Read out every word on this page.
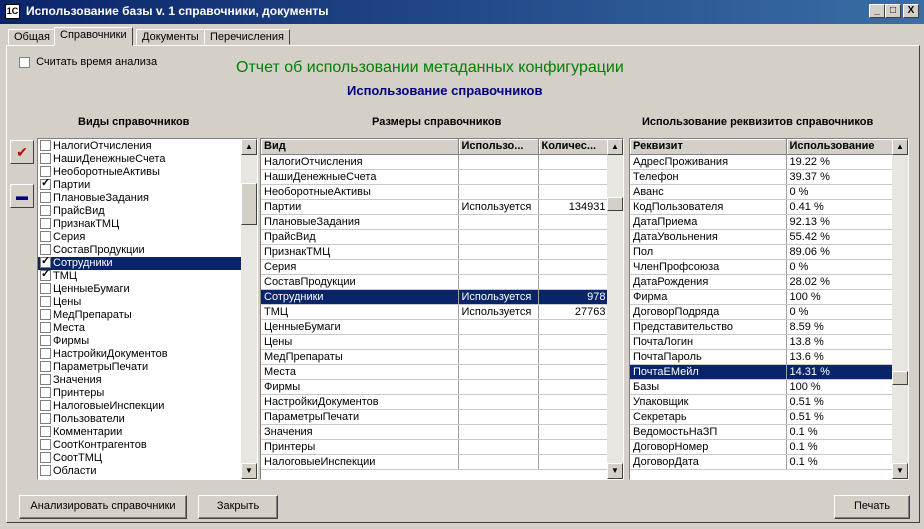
1C Использование базы v. 1 справочники, документы	_	□	X
Общая Справочники	Документы	Перечисления
Считать время анализа	Отчет об использовании метаданных конфигурации
Использование справочников
Виды справочников	Размеры справочников	Использование реквизитов справочников
✔
▬
НалогиОтчисления
НашиДенежныеСчета
НеоборотныеАктивы
✓Партии
ПлановыеЗадания
ПрайсВид
ПризнакТМЦ
Серия
СоставПродукции
✓Сотрудники
✓ТМЦ
ЦенныеБумаги
Цены
МедПрепараты
Места
Фирмы
НастройкиДокументов
ПараметрыПечати
Значения
Принтеры
НалоговыеИнспекции
Пользователи
Комментарии
СоотКонтрагентов
СоотТМЦ
Области
▲
▼
Вид	Использо...	Количес...
НалогиОтчисления		
НашиДенежныеСчета		
НеоборотныеАктивы		
Партии	Используется	134931
ПлановыеЗадания		
ПрайсВид		
ПризнакТМЦ		
Серия		
СоставПродукции		
Сотрудники	Используется	978
ТМЦ	Используется	27763
ЦенныеБумаги		
Цены		
МедПрепараты		
Места		
Фирмы		
НастройкиДокументов		
ПараметрыПечати		
Значения		
Принтеры		
НалоговыеИнспекции		
▲
▼
Реквизит	Использование
АдресПроживания	19.22 %
Телефон	39.37 %
Аванс	0 %
КодПользователя	0.41 %
ДатаПриема	92.13 %
ДатаУвольнения	55.42 %
Пол	89.06 %
ЧленПрофсоюза	0 %
ДатаРождения	28.02 %
Фирма	100 %
ДоговорПодряда	0 %
Представительство	8.59 %
ПочтаЛогин	13.8 %
ПочтаПароль	13.6 %
ПочтаЕМейл	14.31 %
Базы	100 %
Упаковщик	0.51 %
Секретарь	0.51 %
ВедомостьНаЗП	0.1 %
ДоговорНомер	0.1 %
ДоговорДата	0.1 %
▲
▼
Анализировать справочники	Закрыть	Печать
